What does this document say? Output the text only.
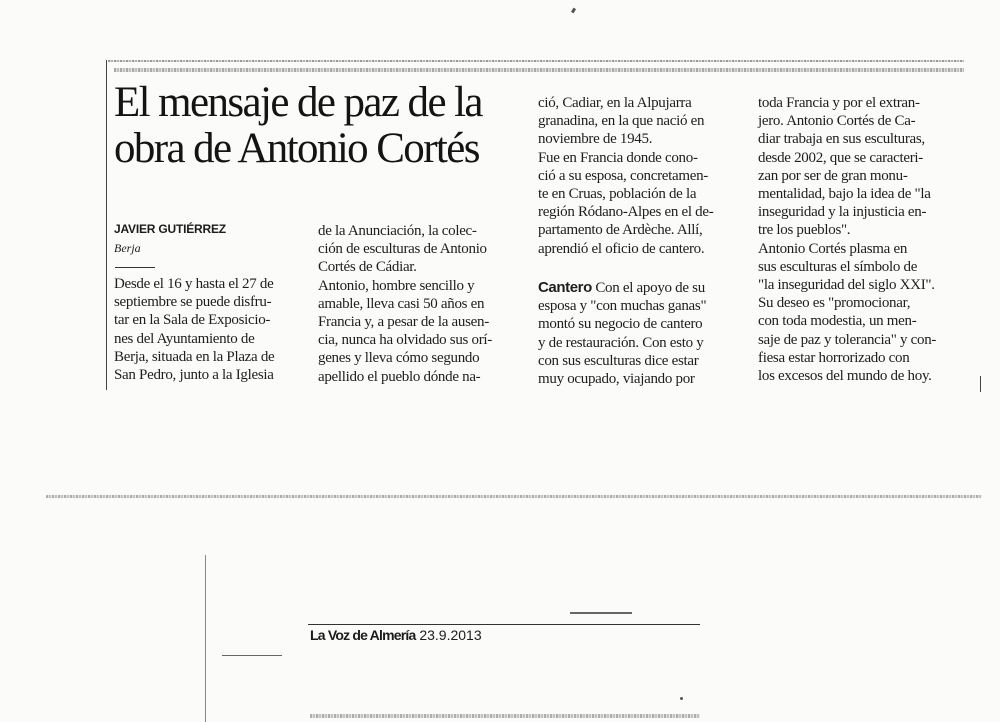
El mensaje de paz de la obra de Antonio Cortés
JAVIER GUTIÉRREZ
Berja

Desde el 16 y hasta el 27 de
septiembre se puede disfru-
tar en la Sala de Exposicio-
nes del Ayuntamiento de
Berja, situada en la Plaza de
San Pedro, junto a la Iglesia

de la Anunciación, la colec-
ción de esculturas de Antonio
Cortés de Cádiar.
Antonio, hombre sencillo y
amable, lleva casi 50 años en
Francia y, a pesar de la ausen-
cia, nunca ha olvidado sus orí-
genes y lleva cómo segundo
apellido el pueblo dónde na-

ció, Cadiar, en la Alpujarra
granadina, en la que nació en
noviembre de 1945.
Fue en Francia donde cono-
ció a su esposa, concretamen-
te en Cruas, población de la
región Ródano-Alpes en el de-
partamento de Ardèche. Allí,
aprendió el oficio de cantero.

Cantero Con el apoyo de su
esposa y "con muchas ganas"
montó su negocio de cantero
y de restauración. Con esto y
con sus esculturas dice estar
muy ocupado, viajando por

toda Francia y por el extran-
jero. Antonio Cortés de Ca-
diar trabaja en sus esculturas,
desde 2002, que se caracteri-
zan por ser de gran monu-
mentalidad, bajo la idea de "la
inseguridad y la injusticia en-
tre los pueblos".
Antonio Cortés plasma en
sus esculturas el símbolo de
"la inseguridad del siglo XXI".
Su deseo es "promocionar,
con toda modestia, un men-
saje de paz y tolerancia" y con-
fiesa estar horrorizado con
los excesos del mundo de hoy.

La Voz de Almería 23.9.2013
